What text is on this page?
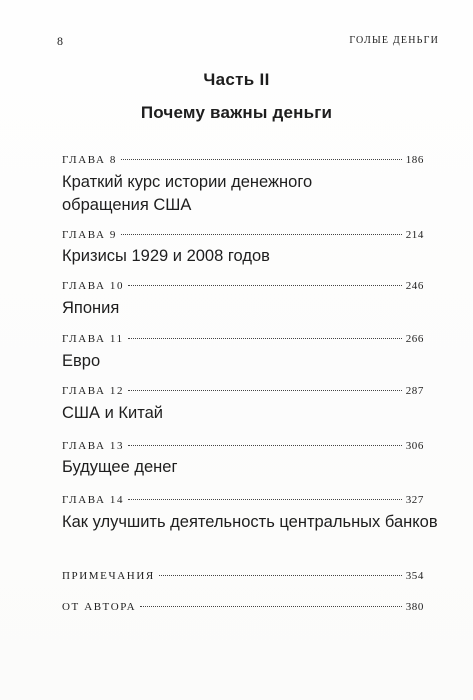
8	ГОЛЫЕ ДЕНЬГИ
Часть II
Почему важны деньги
ГЛАВА 8	186
Краткий курс истории денежного
обращения США
ГЛАВА 9	214
Кризисы 1929 и 2008 годов
ГЛАВА 10	246
Япония
ГЛАВА 11	266
Евро
ГЛАВА 12	287
США и Китай
ГЛАВА 13	306
Будущее денег
ГЛАВА 14	327
Как улучшить деятельность центральных банков
ПРИМЕЧАНИЯ	354
ОТ АВТОРА	380
